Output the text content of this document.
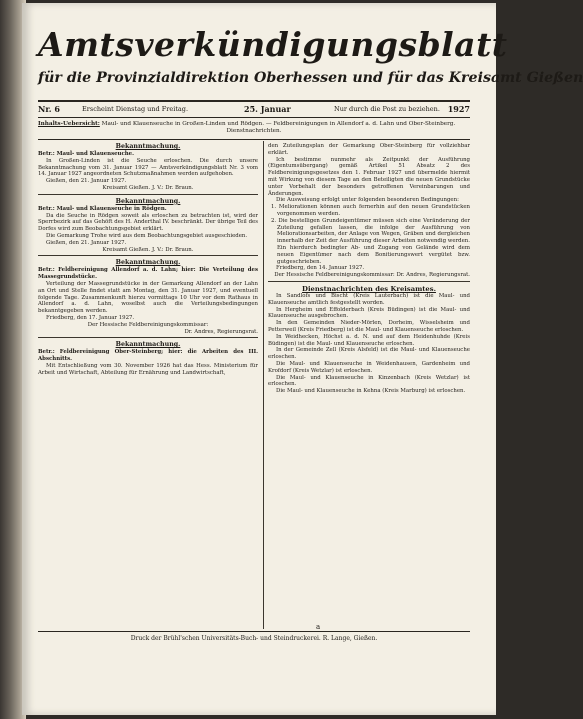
Amtsverkündigungsblatt
für die Provinzialdirektion Oberhessen und für das Kreisamt Gießen
Nr. 6	Erscheint Dienstag und Freitag.	25. Januar	Nur durch die Post zu beziehen. 1927
Inhalts-Uebersicht: Maul- und Klauenseuche in Großen-Linden und Rödgen. — Feldbereinigungen in Allendorf a. d. Lahn und Ober-Steinberg.
Dienstnachrichten.
Bekanntmachung.

Betr.: Maul- und Klauenseuche.

In Großen-Linden ist die Seuche erloschen. Die durch unsere Bekanntmachung vom 31. Januar 1927 — Amtsverkündigungsblatt Nr. 3 vom 14. Januar 1927 angeordneten Schutzmaßnahmen werden aufgehoben.

Gießen, den 21. Januar 1927.

Kreisamt Gießen. J. V.: Dr. Braun.

Bekanntmachung.

Betr.: Maul- und Klauenseuche in Rödgen.

Da die Seuche in Rödgen soweit als erloschen zu betrachten ist, wird der Sperrbezirk auf das Gehöft des H. Anderthal IV. beschränkt. Der übrige Teil des Dorfes wird zum Beobachtungsgebiet erklärt.

Die Gemarkung Trohe wird aus dem Beobachtungsgebiet ausgeschieden.

Gießen, den 21. Januar 1927.

Kreisamt Gießen. J. V.: Dr. Braun.

Bekanntmachung.

Betr.: Feldbereinigung Allendorf a. d. Lahn; hier: Die Verteilung des Massegrundstücke.

Verteilung der Massegrundstücke in der Gemarkung Allendorf an der Lahn an Ort und Stelle findet statt am Montag, den 31. Januar 1927, und eventuell folgende Tage. Zusammenkunft hierzu vormittags 10 Uhr vor dem Rathaus in Allendorf a. d. Lahn, woselbst auch die Verteilungsbedingungen bekanntgegeben werden.

Friedberg, den 17. Januar 1927.

Der Hessische Feldbereinigungskommissar:

Dr. Andres, Regierungsrat.

Bekanntmachung.

Betr.: Feldbereinigung Ober-Steinberg; hier: die Arbeiten des III. Abschnitts.

Mit Entschließung vom 30. November 1926 hat das Hess. Ministerium für Arbeit und Wirtschaft, Abteilung für Ernährung und Landwirtschaft,

den Zuteilungsplan der Gemarkung Ober-Steinberg für vollziehbar erklärt.

Ich bestimme nunmehr als Zeitpunkt der Ausführung (Eigentumsübergang) gemäß Artikel 51 Absatz 2 des Feldbereinigungsgesetzes den 1. Februar 1927 und übermelde hiermit mit Wirkung von diesem Tage an den Beteiligten die neuen Grundstücke unter Vorbehalt der besonders getroffenen Vereinbarungen und Änderungen.

Die Ausweisung erfolgt unter folgenden besonderen Bedingungen:

1. Meliorationen können auch fernerhin auf den neuen Grundstücken vorgenommen werden.

2. Die bestelligen Grundeigentümer müssen sich eine Veränderung der Zuteilung gefallen lassen, die infolge der Ausführung von Meliorationsarbeiten, der Anlage von Wegen, Gräben und dergleichen innerhalb der Zeit der Ausführung dieser Arbeiten notwendig werden. Ein hierdurch bedingter Ab- und Zugang von Gelände wird dem neuen Eigentümer nach dem Bonitierungswert vergütet bzw. gutgeschrieben.

Friedberg, den 14. Januar 1927.

Der Hessische Feldbereinigungskommissar: Dr. Andres, Regierungsrat.

Dienstnachrichten des Kreisamtes.

In Sandlofs und Bischt (Kreis Lauterbach) ist die Maul- und Klauenseuche amtlich festgestellt worden.

In Hergheim und Effolderbach (Kreis Büdingen) ist die Maul- und Klauenseuche ausgebrochen.

In den Gemeinden Nieder-Mörlen, Dorheim, Wisselsheim und Petterweil (Kreis Friedberg) ist die Maul- und Klauenseuche erloschen.

In Weidhecken, Höchst a. d. N. und auf dem Heidenhuhde (Kreis Büdingen) ist die Maul- und Klauenseuche erloschen.

In der Gemeinde Zell (Kreis Alsfeld) ist die Maul- und Klauenseuche erloschen.

Die Maul- und Klauenseuche in Weidenhausen, Gardenheim und Krofdorf (Kreis Wetzlar) ist erloschen.

Die Maul- und Klauenseuche in Kinzenbach (Kreis Wetzlar) ist erloschen.

Die Maul- und Klauenseuche in Kehna (Kreis Marburg) ist erloschen.

a
Druck der Brühl'schen Universitäts-Buch- und Steindruckerei. R. Lange, Gießen.
